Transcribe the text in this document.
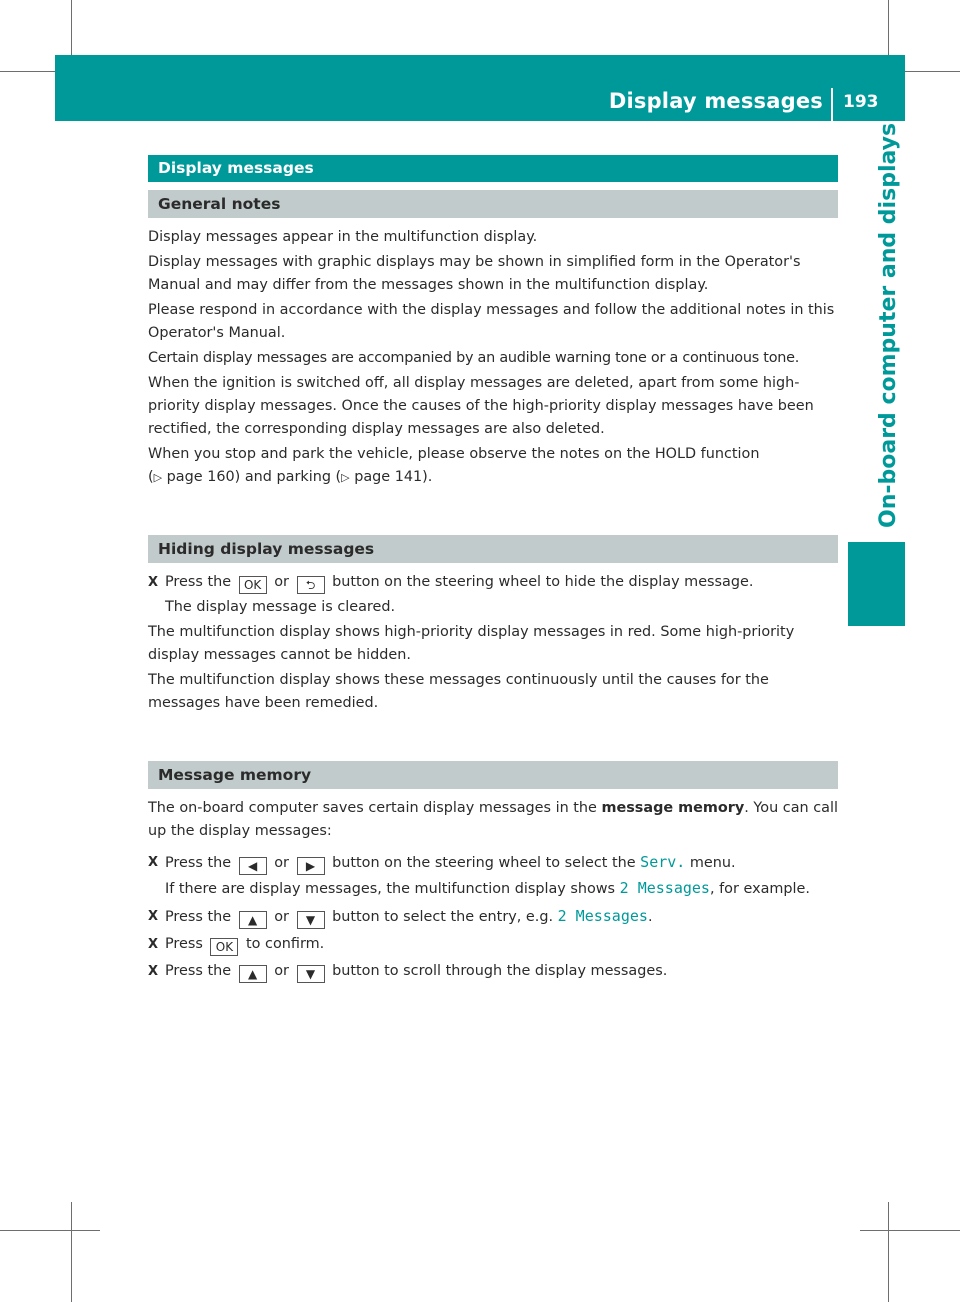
Display messages 193
On-board computer and displays
Display messages
General notes

Display messages appear in the multifunction display.

Display messages with graphic displays may be shown in simplified form in the Operator's Manual and may differ from the messages shown in the multifunction display.

Please respond in accordance with the display messages and follow the additional notes in this Operator's Manual.

Certain display messages are accompanied by an audible warning tone or a continuous tone.

When the ignition is switched off, all display messages are deleted, apart from some high-priority display messages. Once the causes of the high-priority display messages have been rectified, the corresponding display messages are also deleted.

When you stop and park the vehicle, please observe the notes on the HOLD function
(▷ page 160) and parking (▷ page 141).

Hiding display messages
X Press the OK or ⮌ button on the steering wheel to hide the display message.

The display message is cleared.

The multifunction display shows high-priority display messages in red. Some high-priority display messages cannot be hidden.

The multifunction display shows these messages continuously until the causes for the messages have been remedied.

Message memory

The on-board computer saves certain display messages in the message memory. You can call up the display messages:

X Press the ◀ or ▶ button on the steering wheel to select the Serv. menu.

If there are display messages, the multifunction display shows 2 Messages, for example.

X Press the ▲ or ▼ button to select the entry, e.g. 2 Messages.
X Press OK to confirm.
X Press the ▲ or ▼ button to scroll through the display messages.
